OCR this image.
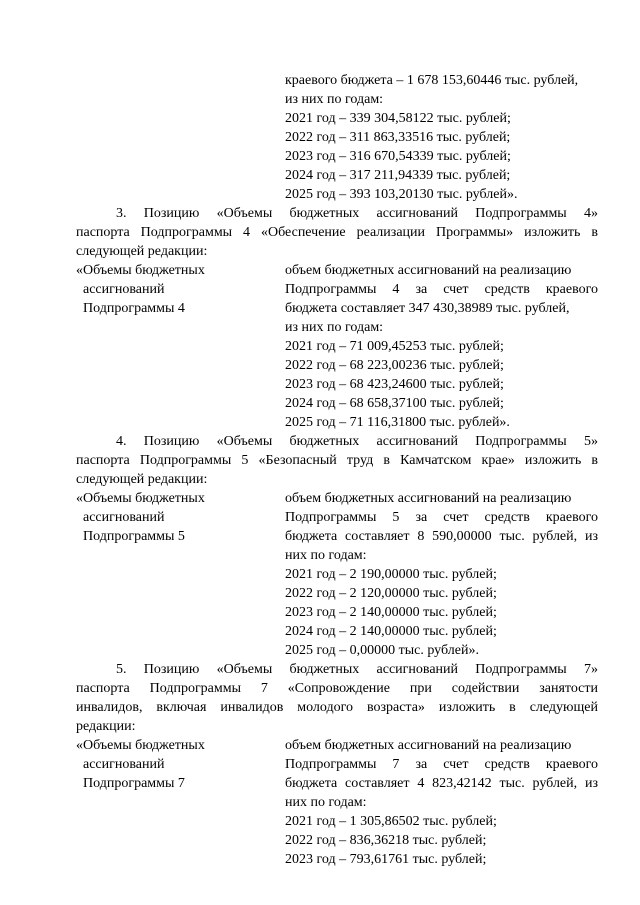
краевого бюджета – 1 678 153,60446 тыс. рублей,
из них по годам:
2021 год – 339 304,58122 тыс. рублей;
2022 год – 311 863,33516 тыс. рублей;
2023 год – 316 670,54339 тыс. рублей;
2024 год – 317 211,94339 тыс. рублей;
2025 год – 393 103,20130 тыс. рублей».
3. Позицию «Объемы бюджетных ассигнований Подпрограммы 4»
паспорта Подпрограммы 4 «Обеспечение реализации Программы» изложить в
следующей редакции:
«Объемы бюджетных
ассигнований
Подпрограммы 4
объем бюджетных ассигнований на реализацию
Подпрограммы 4 за счет средств краевого
бюджета составляет 347 430,38989 тыс. рублей,
из них по годам:
2021 год – 71 009,45253 тыс. рублей;
2022 год – 68 223,00236 тыс. рублей;
2023 год – 68 423,24600 тыс. рублей;
2024 год – 68 658,37100 тыс. рублей;
2025 год – 71 116,31800 тыс. рублей».
4. Позицию «Объемы бюджетных ассигнований Подпрограммы 5»
паспорта Подпрограммы 5 «Безопасный труд в Камчатском крае» изложить в
следующей редакции:
«Объемы бюджетных
ассигнований
Подпрограммы 5
объем бюджетных ассигнований на реализацию
Подпрограммы 5 за счет средств краевого
бюджета составляет 8 590,00000 тыс. рублей, из
них по годам:
2021 год – 2 190,00000 тыс. рублей;
2022 год – 2 120,00000 тыс. рублей;
2023 год – 2 140,00000 тыс. рублей;
2024 год – 2 140,00000 тыс. рублей;
2025 год – 0,00000 тыс. рублей».
5. Позицию «Объемы бюджетных ассигнований Подпрограммы 7»
паспорта Подпрограммы 7 «Сопровождение при содействии занятости
инвалидов, включая инвалидов молодого возраста» изложить в следующей
редакции:
«Объемы бюджетных
ассигнований
Подпрограммы 7
объем бюджетных ассигнований на реализацию
Подпрограммы 7 за счет средств краевого
бюджета составляет 4 823,42142 тыс. рублей, из
них по годам:
2021 год – 1 305,86502 тыс. рублей;
2022 год – 836,36218 тыс. рублей;
2023 год – 793,61761 тыс. рублей;
